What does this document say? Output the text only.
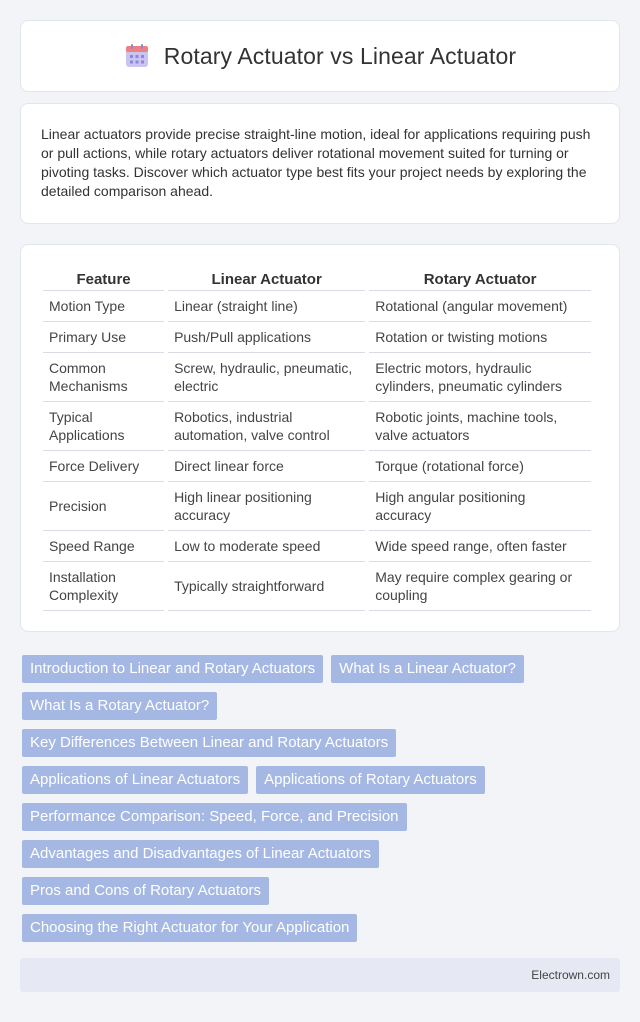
Rotary Actuator vs Linear Actuator

Linear actuators provide precise straight-line motion, ideal for applications requiring push or pull actions, while rotary actuators deliver rotational movement suited for turning or pivoting tasks. Discover which actuator type best fits your project needs by exploring the detailed comparison ahead.

Feature	Linear Actuator	Rotary Actuator
Motion Type	Linear (straight line)	Rotational (angular movement)
Primary Use	Push/Pull applications	Rotation or twisting motions
Common Mechanisms	Screw, hydraulic, pneumatic, electric	Electric motors, hydraulic cylinders, pneumatic cylinders
Typical Applications	Robotics, industrial automation, valve control	Robotic joints, machine tools, valve actuators
Force Delivery	Direct linear force	Torque (rotational force)
Precision	High linear positioning accuracy	High angular positioning accuracy
Speed Range	Low to moderate speed	Wide speed range, often faster
Installation Complexity	Typically straightforward	May require complex gearing or coupling
Introduction to Linear and Rotary Actuators	What Is a Linear Actuator?
What Is a Rotary Actuator?
Key Differences Between Linear and Rotary Actuators
Applications of Linear Actuators	Applications of Rotary Actuators
Performance Comparison: Speed, Force, and Precision
Advantages and Disadvantages of Linear Actuators
Pros and Cons of Rotary Actuators
Choosing the Right Actuator for Your Application
Electrown.com
